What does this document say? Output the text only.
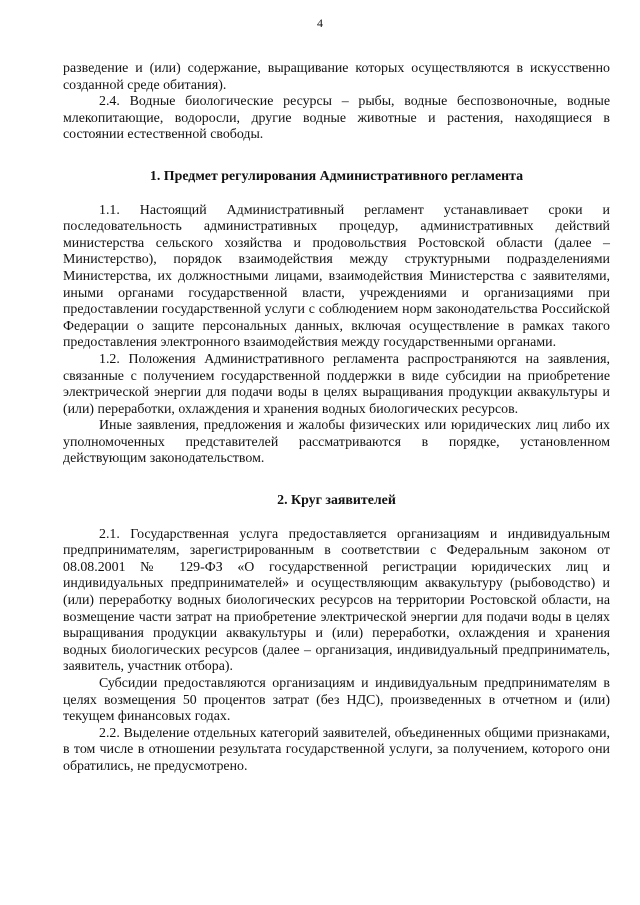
4

разведение и (или) содержание, выращивание которых осуществляются в искусственно созданной среде обитания).

2.4. Водные биологические ресурсы – рыбы, водные беспозвоночные, водные млекопитающие, водоросли, другие водные животные и растения, находящиеся в состоянии естественной свободы.

1. Предмет регулирования Административного регламента

1.1. Настоящий Административный регламент устанавливает сроки и последовательность административных процедур, административных действий министерства сельского хозяйства и продовольствия Ростовской области (далее – Министерство), порядок взаимодействия между структурными подразделениями Министерства, их должностными лицами, взаимодействия Министерства с заявителями, иными органами государственной власти, учреждениями и организациями при предоставлении государственной услуги с соблюдением норм законодательства Российской Федерации о защите персональных данных, включая осуществление в рамках такого предоставления электронного взаимодействия между государственными органами.

1.2. Положения Административного регламента распространяются на заявления, связанные с получением государственной поддержки в виде субсидии на приобретение электрической энергии для подачи воды в целях выращивания продукции аквакультуры и (или) переработки, охлаждения и хранения водных биологических ресурсов.

Иные заявления, предложения и жалобы физических или юридических лиц либо их уполномоченных представителей рассматриваются в порядке, установленном действующим законодательством.

2. Круг заявителей

2.1. Государственная услуга предоставляется организациям и индивидуальным предпринимателям, зарегистрированным в соответствии с Федеральным законом от 08.08.2001 № 129-ФЗ «О государственной регистрации юридических лиц и индивидуальных предпринимателей» и осуществляющим аквакультуру (рыбоводство) и (или) переработку водных биологических ресурсов на территории Ростовской области, на возмещение части затрат на приобретение электрической энергии для подачи воды в целях выращивания продукции аквакультуры и (или) переработки, охлаждения и хранения водных биологических ресурсов (далее – организация, индивидуальный предприниматель, заявитель, участник отбора).

Субсидии предоставляются организациям и индивидуальным предпринимателям в целях возмещения 50 процентов затрат (без НДС), произведенных в отчетном и (или) текущем финансовых годах.

2.2. Выделение отдельных категорий заявителей, объединенных общими признаками, в том числе в отношении результата государственной услуги, за получением, которого они обратились, не предусмотрено.
